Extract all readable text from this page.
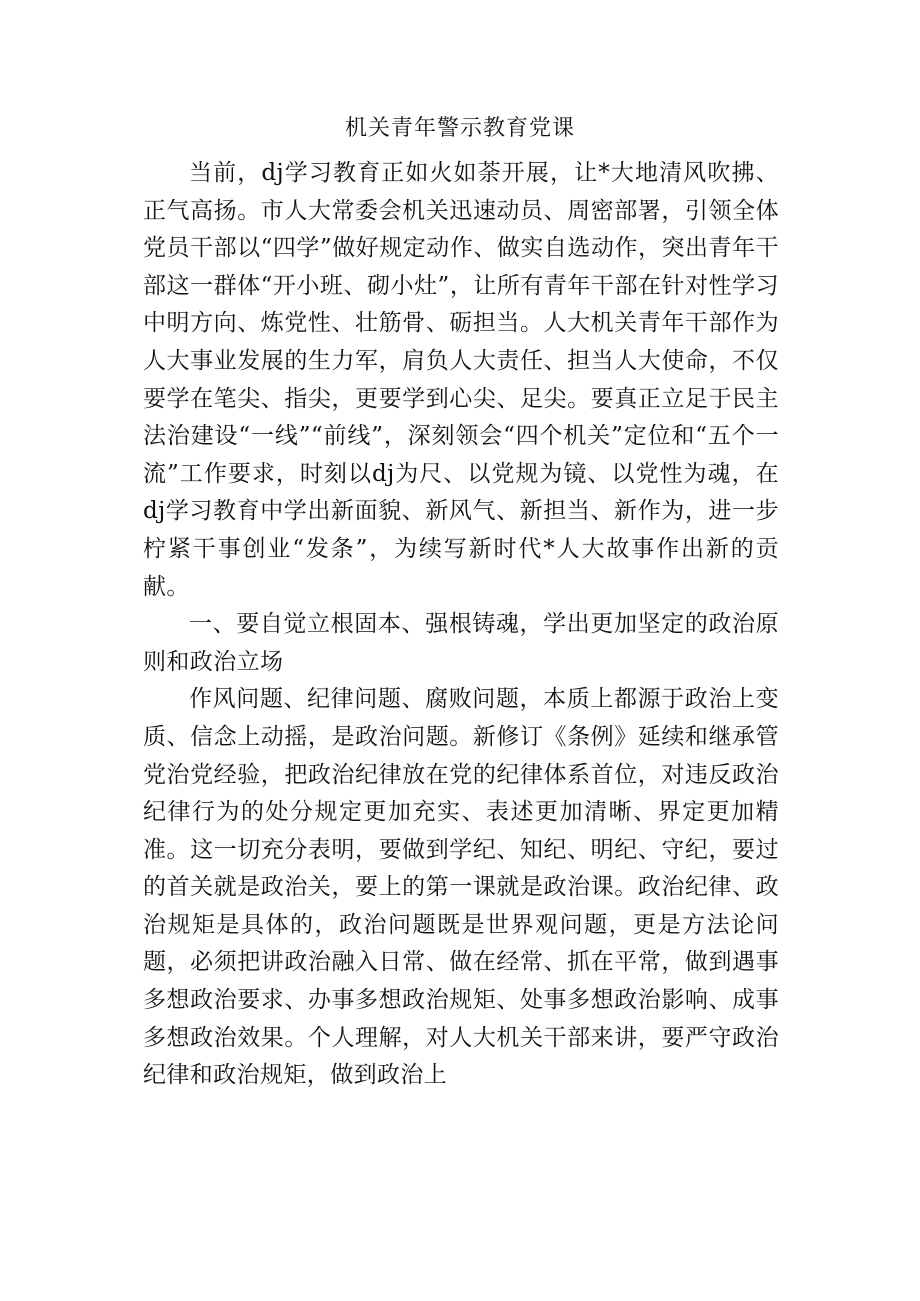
机关青年警示教育党课

当前，dj学习教育正如火如荼开展，让*大地清风吹拂、正气高扬。市人大常委会机关迅速动员、周密部署，引领全体党员干部以“四学”做好规定动作、做实自选动作，突出青年干部这一群体“开小班、砌小灶”，让所有青年干部在针对性学习中明方向、炼党性、壮筋骨、砺担当。人大机关青年干部作为人大事业发展的生力军，肩负人大责任、担当人大使命，不仅要学在笔尖、指尖，更要学到心尖、足尖。要真正立足于民主法治建设“一线”“前线”，深刻领会“四个机关”定位和“五个一流”工作要求，时刻以dj为尺、以党规为镜、以党性为魂，在dj学习教育中学出新面貌、新风气、新担当、新作为，进一步柠紧干事创业“发条”，为续写新时代*人大故事作出新的贡献。

一、要自觉立根固本、强根铸魂，学出更加坚定的政治原则和政治立场

作风问题、纪律问题、腐败问题，本质上都源于政治上变质、信念上动摇，是政治问题。新修订《条例》延续和继承管党治党经验，把政治纪律放在党的纪律体系首位，对违反政治纪律行为的处分规定更加充实、表述更加清晰、界定更加精准。这一切充分表明，要做到学纪、知纪、明纪、守纪，要过的首关就是政治关，要上的第一课就是政治课。政治纪律、政治规矩是具体的，政治问题既是世界观问题，更是方法论问题，必须把讲政治融入日常、做在经常、抓在平常，做到遇事多想政治要求、办事多想政治规矩、处事多想政治影响、成事多想政治效果。个人理解，对人大机关干部来讲，要严守政治纪律和政治规矩，做到政治上
